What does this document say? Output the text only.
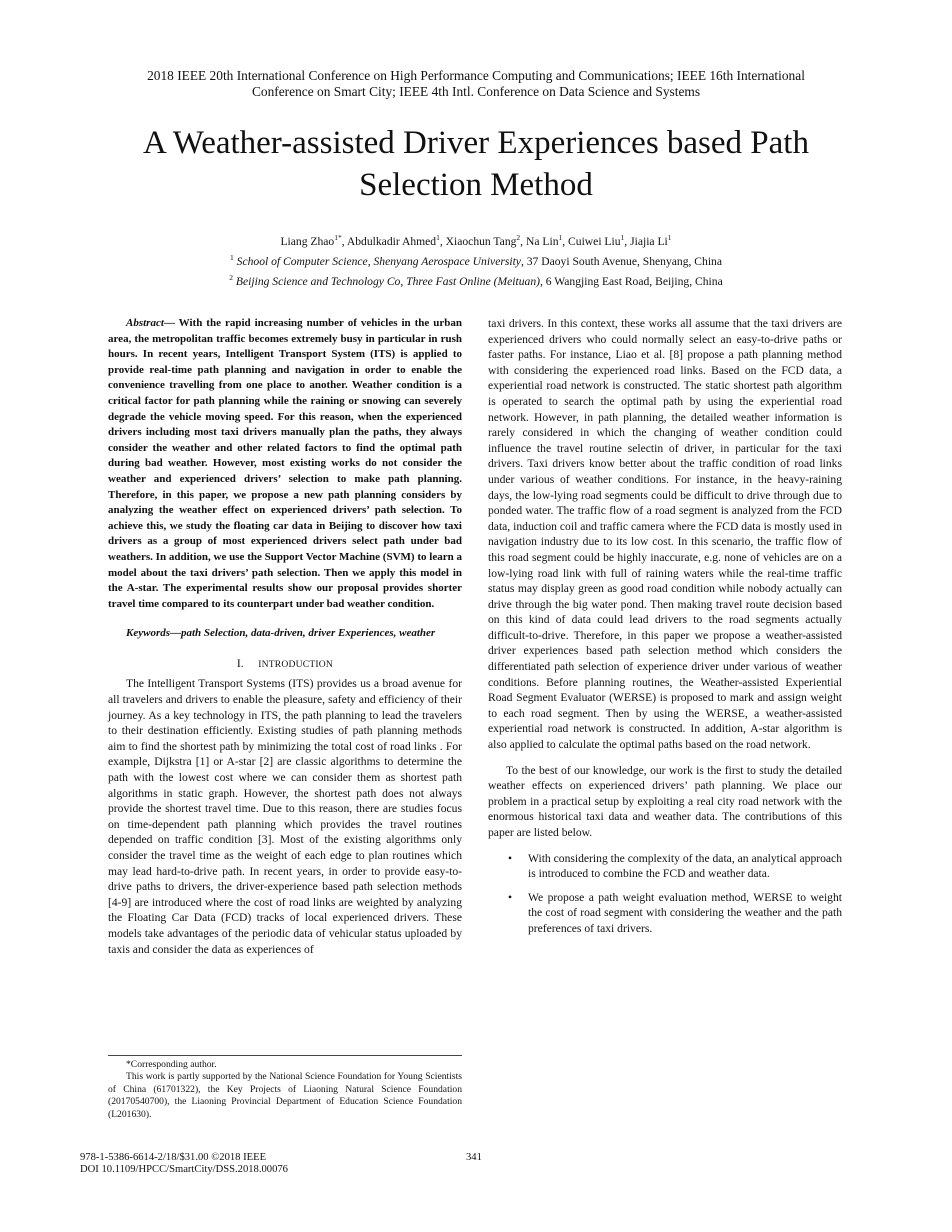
2018 IEEE 20th International Conference on High Performance Computing and Communications; IEEE 16th International
Conference on Smart City; IEEE 4th Intl. Conference on Data Science and Systems
A Weather-assisted Driver Experiences based Path
Selection Method
Liang Zhao$^{1*}$, Abdulkadir Ahmed$^1$, Xiaochun Tang$^2$, Na Lin$^1$, Cuiwei Liu$^1$, Jiajia Li$^1$
$^1$ School of Computer Science, Shenyang Aerospace University, 37 Daoyi South Avenue, Shenyang, China
$^2$ Beijing Science and Technology Co, Three Fast Online (Meituan), 6 Wangjing East Road, Beijing, China

Abstract— With the rapid increasing number of vehicles in the urban area, the metropolitan traffic becomes extremely busy in particular in rush hours. In recent years, Intelligent Transport System (ITS) is applied to provide real-time path planning and navigation in order to enable the convenience travelling from one place to another. Weather condition is a critical factor for path planning while the raining or snowing can severely degrade the vehicle moving speed. For this reason, when the experienced drivers including most taxi drivers manually plan the paths, they always consider the weather and other related factors to find the optimal path during bad weather. However, most existing works do not consider the weather and experienced drivers’ selection to make path planning. Therefore, in this paper, we propose a new path planning considers by analyzing the weather effect on experienced drivers’ path selection. To achieve this, we study the floating car data in Beijing to discover how taxi drivers as a group of most experienced drivers select path under bad weathers. In addition, we use the Support Vector Machine (SVM) to learn a model about the taxi drivers’ path selection. Then we apply this model in the A-star. The experimental results show our proposal provides shorter travel time compared to its counterpart under bad weather condition.

Keywords—path Selection, data-driven, driver Experiences, weather

I. INTRODUCTION

The Intelligent Transport Systems (ITS) provides us a broad avenue for all travelers and drivers to enable the pleasure, safety and efficiency of their journey. As a key technology in ITS, the path planning to lead the travelers to their destination efficiently. Existing studies of path planning methods aim to find the shortest path by minimizing the total cost of road links . For example, Dijkstra [1] or A-star [2] are classic algorithms to determine the path with the lowest cost where we can consider them as shortest path algorithms in static graph. However, the shortest path does not always provide the shortest travel time. Due to this reason, there are studies focus on time-dependent path planning which provides the travel routines depended on traffic condition [3]. Most of the existing algorithms only consider the travel time as the weight of each edge to plan routines which may lead hard-to-drive path. In recent years, in order to provide easy-to-drive paths to drivers, the driver-experience based path selection methods [4-9] are introduced where the cost of road links are weighted by analyzing the Floating Car Data (FCD) tracks of local experienced drivers. These models take advantages of the periodic data of vehicular status uploaded by taxis and consider the data as experiences of

taxi drivers. In this context, these works all assume that the taxi drivers are experienced drivers who could normally select an easy-to-drive paths or faster paths. For instance, Liao et al. [8] propose a path planning method with considering the experienced road links. Based on the FCD data, a experiential road network is constructed. The static shortest path algorithm is operated to search the optimal path by using the experiential road network. However, in path planning, the detailed weather information is rarely considered in which the changing of weather condition could influence the travel routine selectin of driver, in particular for the taxi drivers. Taxi drivers know better about the traffic condition of road links under various of weather conditions. For instance, in the heavy-raining days, the low-lying road segments could be difficult to drive through due to ponded water. The traffic flow of a road segment is analyzed from the FCD data, induction coil and traffic camera where the FCD data is mostly used in navigation industry due to its low cost. In this scenario, the traffic flow of this road segment could be highly inaccurate, e.g. none of vehicles are on a low-lying road link with full of raining waters while the real-time traffic status may display green as good road condition while nobody actually can drive through the big water pond. Then making travel route decision based on this kind of data could lead drivers to the road segments actually difficult-to-drive. Therefore, in this paper we propose a weather-assisted driver experiences based path selection method which considers the differentiated path selection of experience driver under various of weather conditions. Before planning routines, the Weather-assisted Experiential Road Segment Evaluator (WERSE) is proposed to mark and assign weight to each road segment. Then by using the WERSE, a weather-assisted experiential road network is constructed. In addition, A-star algorithm is also applied to calculate the optimal paths based on the road network.

To the best of our knowledge, our work is the first to study the detailed weather effects on experienced drivers’ path planning. We place our problem in a practical setup by exploiting a real city road network with the enormous historical taxi data and weather data. The contributions of this paper are listed below.

• With considering the complexity of the data, an analytical approach is introduced to combine the FCD and weather data.
• We propose a path weight evaluation method, WERSE to weight the cost of road segment with considering the weather and the path preferences of taxi drivers.

*Corresponding author.

This work is partly supported by the National Science Foundation for Young Scientists of China (61701322), the Key Projects of Liaoning Natural Science Foundation (20170540700), the Liaoning Provincial Department of Education Science Foundation (L201630).

978-1-5386-6614-2/18/$31.00 ©2018 IEEE
DOI 10.1109/HPCC/SmartCity/DSS.2018.00076
341
